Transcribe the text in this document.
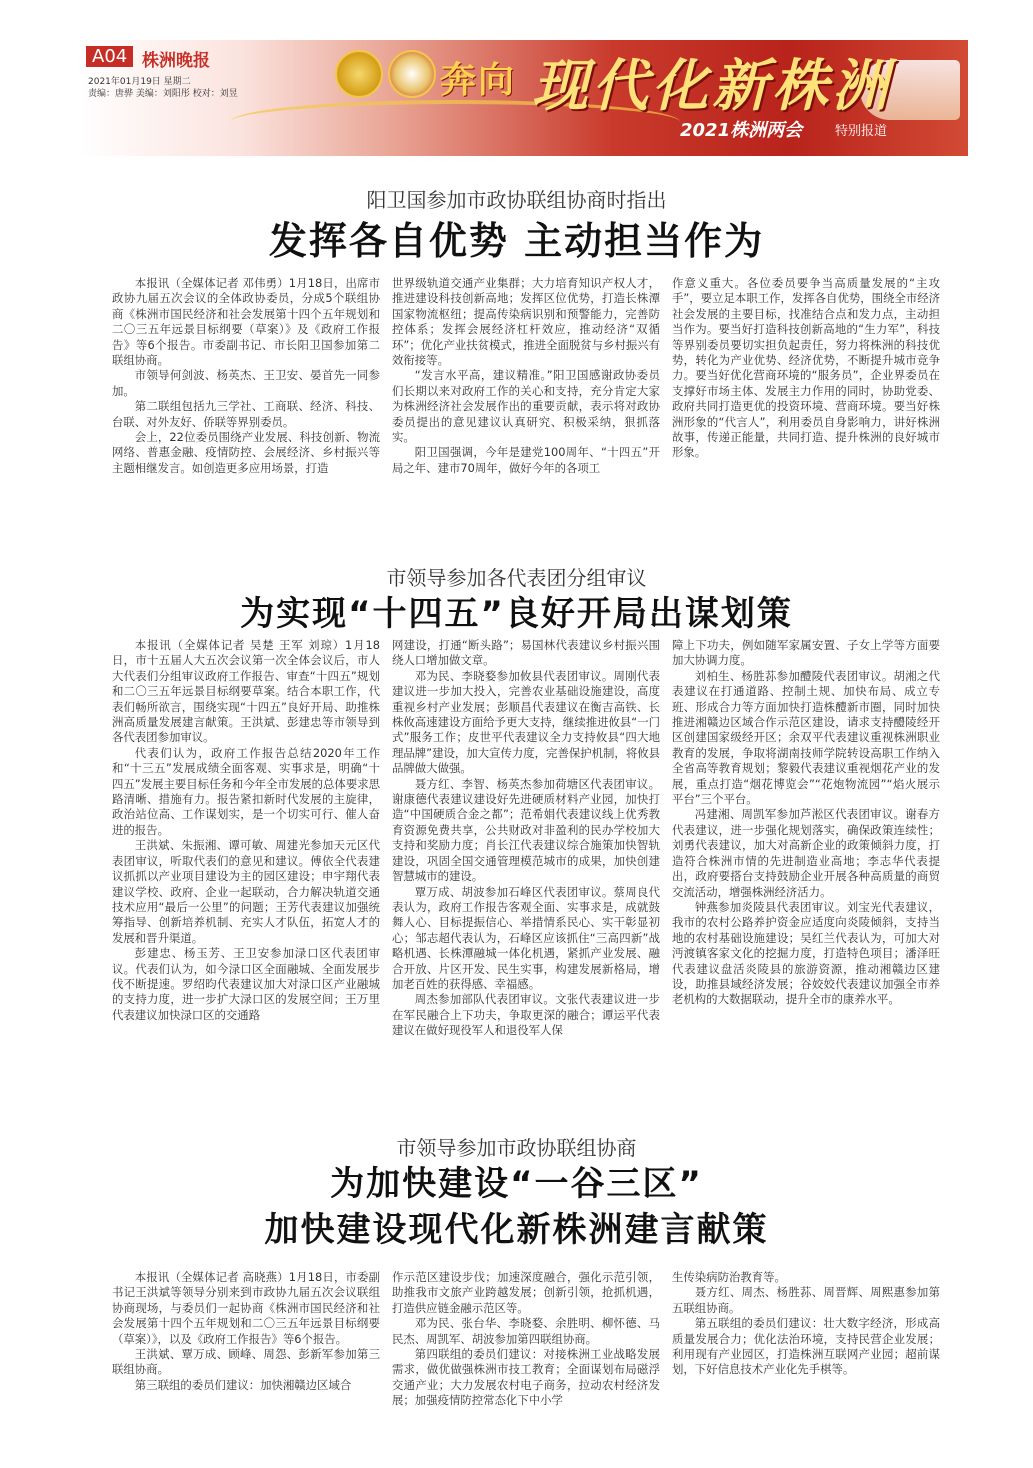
A04 株洲晚报
2021年01月19日 星期二
责编：唐骅 美编：刘阳彤 校对：刘昱	奔向 现代化新株洲
2021株洲两会	特别报道
阳卫国参加市政协联组协商时指出
发挥各自优势 主动担当作为

本报讯（全媒体记者 邓伟勇）1月18日，出席市政协九届五次会议的全体政协委员，分成5个联组协商《株洲市国民经济和社会发展第十四个五年规划和二〇三五年远景目标纲要（草案）》及《政府工作报告》等6个报告。市委副书记、市长阳卫国参加第二联组协商。

市领导何剑波、杨英杰、王卫安、晏首先一同参加。

第二联组包括九三学社、工商联、经济、科技、台联、对外友好、侨联等界别委员。

会上，22位委员围绕产业发展、科技创新、物流网络、普惠金融、疫情防控、会展经济、乡村振兴等主题相继发言。如创造更多应用场景，打造

世界级轨道交通产业集群；大力培育知识产权人才，推进建设科技创新高地；发挥区位优势，打造长株潭国家物流枢纽；提高传染病识别和预警能力，完善防控体系；发挥会展经济杠杆效应，推动经济“双循环”；优化产业扶贫模式，推进全面脱贫与乡村振兴有效衔接等。

“发言水平高，建议精准。”阳卫国感谢政协委员们长期以来对政府工作的关心和支持，充分肯定大家为株洲经济社会发展作出的重要贡献，表示将对政协委员提出的意见建议认真研究、积极采纳，狠抓落实。

阳卫国强调，今年是建党100周年、“十四五”开局之年、建市70周年，做好今年的各项工

作意义重大。各位委员要争当高质量发展的“主攻手”，要立足本职工作，发挥各自优势，围绕全市经济社会发展的主要目标，找准结合点和发力点，主动担当作为。要当好打造科技创新高地的“生力军”，科技等界别委员要切实担负起责任，努力将株洲的科技优势，转化为产业优势、经济优势，不断提升城市竞争力。要当好优化营商环境的“服务员”，企业界委员在支撑好市场主体、发展主力作用的同时，协助党委、政府共同打造更优的投资环境、营商环境。要当好株洲形象的“代言人”，利用委员自身影响力，讲好株洲故事，传递正能量，共同打造、提升株洲的良好城市形象。

市领导参加各代表团分组审议
为实现“十四五”良好开局出谋划策

本报讯（全媒体记者 吴楚 王军 刘琼）1月18日，市十五届人大五次会议第一次全体会议后，市人大代表们分组审议政府工作报告、审查“十四五”规划和二〇三五年远景目标纲要草案。结合本职工作，代表们畅所欲言，围绕实现“十四五”良好开局、助推株洲高质量发展建言献策。王洪斌、彭建忠等市领导到各代表团参加审议。

代表们认为，政府工作报告总结2020年工作和“十三五”发展成绩全面客观、实事求是，明确“十四五”发展主要目标任务和今年全市发展的总体要求思路清晰、措施有力。报告紧扣新时代发展的主旋律，政治站位高、工作谋划实，是一个切实可行、催人奋进的报告。

王洪斌、朱振湘、谭可敏、周建光参加天元区代表团审议，听取代表们的意见和建议。傅依全代表建议抓抓以产业项目建设为主的园区建设；申宇翔代表建议学校、政府、企业一起联动，合力解决轨道交通技术应用“最后一公里”的问题；王芳代表建议加强统筹指导、创新培养机制、充实人才队伍，拓宽人才的发展和晋升渠道。

彭建忠、杨玉芳、王卫安参加渌口区代表团审议。代表们认为，如今渌口区全面融城、全面发展步伐不断提速。罗绍昀代表建议加大对渌口区产业融城的支持力度，进一步扩大渌口区的发展空间；王万里代表建议加快渌口区的交通路

网建设，打通“断头路”；易国林代表建议乡村振兴围绕人口增加做文章。

邓为民、李晓婺参加攸县代表团审议。周刚代表建议进一步加大投入，完善农业基础设施建设，高度重视乡村产业发展；彭顺昌代表建议在衡吉高铁、长株攸高速建设方面给予更大支持，继续推进攸县“一门式”服务工作；皮世平代表建议全力支持攸县“四大地理品牌”建设，加大宣传力度，完善保护机制，将攸县品牌做大做强。

聂方红、李智、杨英杰参加荷塘区代表团审议。谢康德代表建议建设好先进硬质材料产业园，加快打造“中国硬质合金之都”；范希娟代表建议线上优秀教育资源免费共享，公共财政对非盈利的民办学校加大支持和奖励力度；肖长江代表建议综合施策加快智轨建设，巩固全国交通管理模范城市的成果，加快创建智慧城市的建设。

覃万成、胡波参加石峰区代表团审议。蔡周良代表认为，政府工作报告客观全面、实事求是，成就鼓舞人心、目标提振信心、举措情系民心、实干彰显初心；邹志超代表认为，石峰区应该抓住“三高四新”战略机遇、长株潭融城一体化机遇，紧抓产业发展、融合开放、片区开发、民生实事，构建发展新格局，增加老百姓的获得感、幸福感。

周杰参加部队代表团审议。文张代表建议进一步在军民融合上下功夫，争取更深的融合；谭运平代表建议在做好现役军人和退役军人保

障上下功夫，例如随军家属安置、子女上学等方面要加大协调力度。

刘柏生、杨胜荪参加醴陵代表团审议。胡湘之代表建议在打通道路、控制土规、加快布局、成立专班、形成合力等方面加快打造株醴新市圈，同时加快推进湘赣边区域合作示范区建设，请求支持醴陵经开区创建国家级经开区；余双平代表建议重视株洲职业教育的发展，争取将湖南技师学院转设高职工作纳入全省高等教育规划；黎毅代表建议重视烟花产业的发展，重点打造“烟花博览会”“花炮物流园”“焰火展示平台”三个平台。

冯建湘、周凯军参加芦淞区代表团审议。谢春方代表建议，进一步强化规划落实，确保政策连续性；刘勇代表建议，加大对高新企业的政策倾斜力度，打造符合株洲市情的先进制造业高地；李志华代表提出，政府要搭台支持鼓励企业开展各种高质量的商贸交流活动，增强株洲经济活力。

钟燕参加炎陵县代表团审议。刘宝光代表建议，我市的农村公路养护资金应适度向炎陵倾斜，支持当地的农村基础设施建设；吴红兰代表认为，可加大对沔渡镇客家文化的挖掘力度，打造特色项目；潘泽旺代表建议盘活炎陵县的旅游资源，推动湘赣边区建设，助推县域经济发展；谷姣姣代表建议加强全市养老机构的大数据联动，提升全市的康养水平。

市领导参加市政协联组协商
为加快建设“一谷三区”
加快建设现代化新株洲建言献策

本报讯（全媒体记者 高晓燕）1月18日，市委副书记王洪斌等领导分别来到市政协九届五次会议联组协商现场，与委员们一起协商《株洲市国民经济和社会发展第十四个五年规划和二〇三五年远景目标纲要（草案）》，以及《政府工作报告》等6个报告。

王洪斌、覃万成、顾峰、周怨、彭新军参加第三联组协商。

第三联组的委员们建议：加快湘赣边区域合

作示范区建设步伐；加速深度融合，强化示范引领，助推我市文旅产业跨越发展；创新引领，抢抓机遇，打造供应链金融示范区等。

邓为民、张台华、李晓婺、余胜明、柳怀德、马民杰、周凯军、胡波参加第四联组协商。

第四联组的委员们建议：对接株洲工业战略发展需求，做优做强株洲市技工教育；全面谋划布局磁浮交通产业；大力发展农村电子商务，拉动农村经济发展；加强疫情防控常态化下中小学

生传染病防治教育等。

聂方红、周杰、杨胜荪、周晋辉、周熙惠参加第五联组协商。

第五联组的委员们建议：壮大数字经济，形成高质量发展合力；优化法治环境，支持民营企业发展；利用现有产业园区，打造株洲互联网产业园；超前谋划，下好信息技术产业化先手棋等。
